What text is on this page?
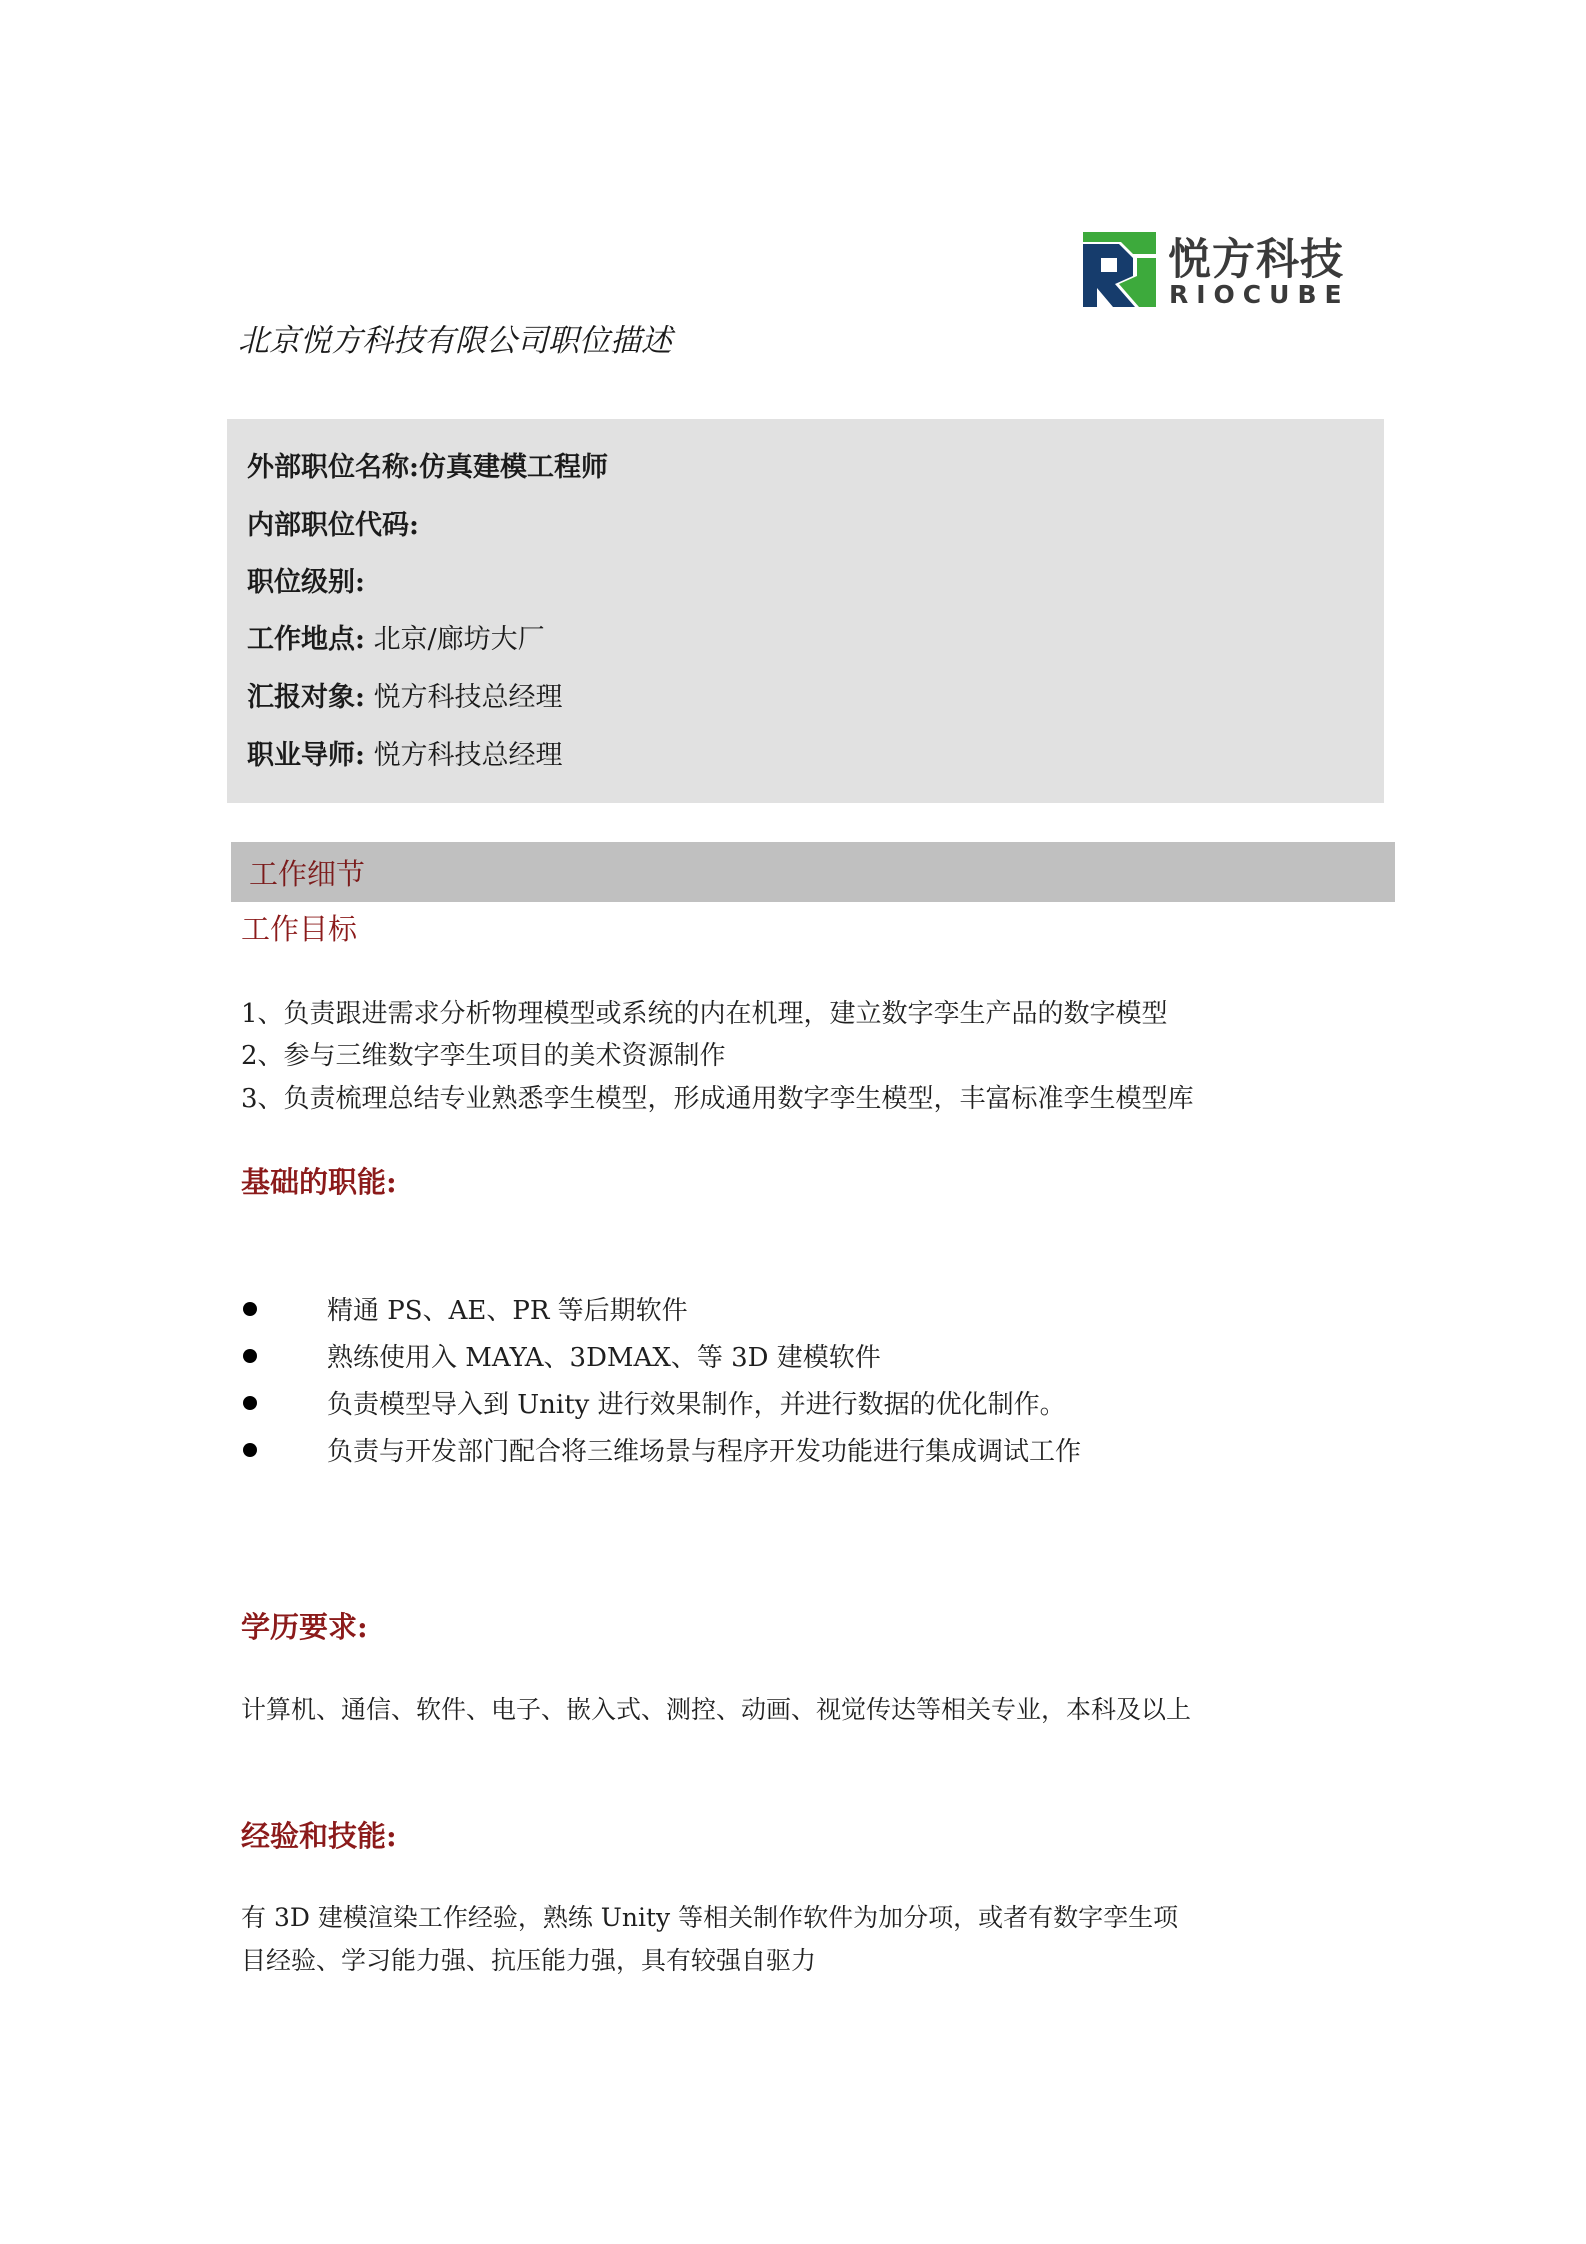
悦方科技
RIOCUBE
北京悦方科技有限公司职位描述
外部职位名称:仿真建模工程师
内部职位代码:
职位级别:
工作地点: 北京/廊坊大厂
汇报对象: 悦方科技总经理
职业导师: 悦方科技总经理
工作细节
工作目标
1、负责跟进需求分析物理模型或系统的内在机理，建立数字孪生产品的数字模型
2、参与三维数字孪生项目的美术资源制作
3、负责梳理总结专业熟悉孪生模型，形成通用数字孪生模型，丰富标准孪生模型库
基础的职能:
精通 PS、AE、PR 等后期软件
熟练使用入 MAYA、3DMAX、等 3D 建模软件
负责模型导入到 Unity 进行效果制作，并进行数据的优化制作。
负责与开发部门配合将三维场景与程序开发功能进行集成调试工作
学历要求:
计算机、通信、软件、电子、嵌入式、测控、动画、视觉传达等相关专业，本科及以上
经验和技能:
有 3D 建模渲染工作经验，熟练 Unity 等相关制作软件为加分项，或者有数字孪生项
目经验、学习能力强、抗压能力强，具有较强自驱力
